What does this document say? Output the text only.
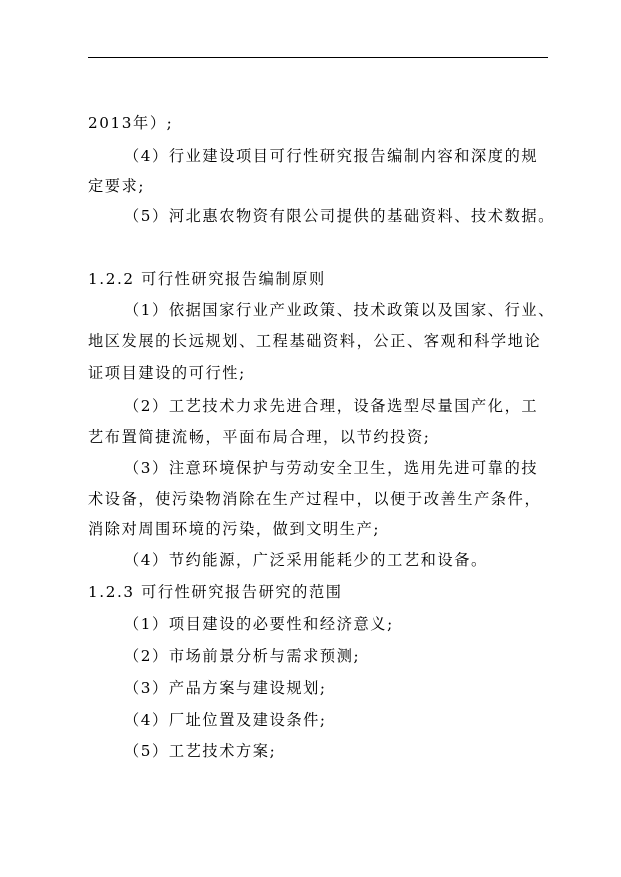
2013年）;
（4）行业建设项目可行性研究报告编制内容和深度的规
定要求;
（5）河北惠农物资有限公司提供的基础资料、技术数据。
1.2.2 可行性研究报告编制原则
（1）依据国家行业产业政策、技术政策以及国家、行业、
地区发展的长远规划、工程基础资料，公正、客观和科学地论
证项目建设的可行性;
（2）工艺技术力求先进合理，设备选型尽量国产化，工
艺布置简捷流畅，平面布局合理，以节约投资;
（3）注意环境保护与劳动安全卫生，选用先进可靠的技
术设备，使污染物消除在生产过程中，以便于改善生产条件，
消除对周围环境的污染，做到文明生产;
（4）节约能源，广泛采用能耗少的工艺和设备。
1.2.3 可行性研究报告研究的范围
（1）项目建设的必要性和经济意义;
（2）市场前景分析与需求预测;
（3）产品方案与建设规划;
（4）厂址位置及建设条件;
（5）工艺技术方案;
